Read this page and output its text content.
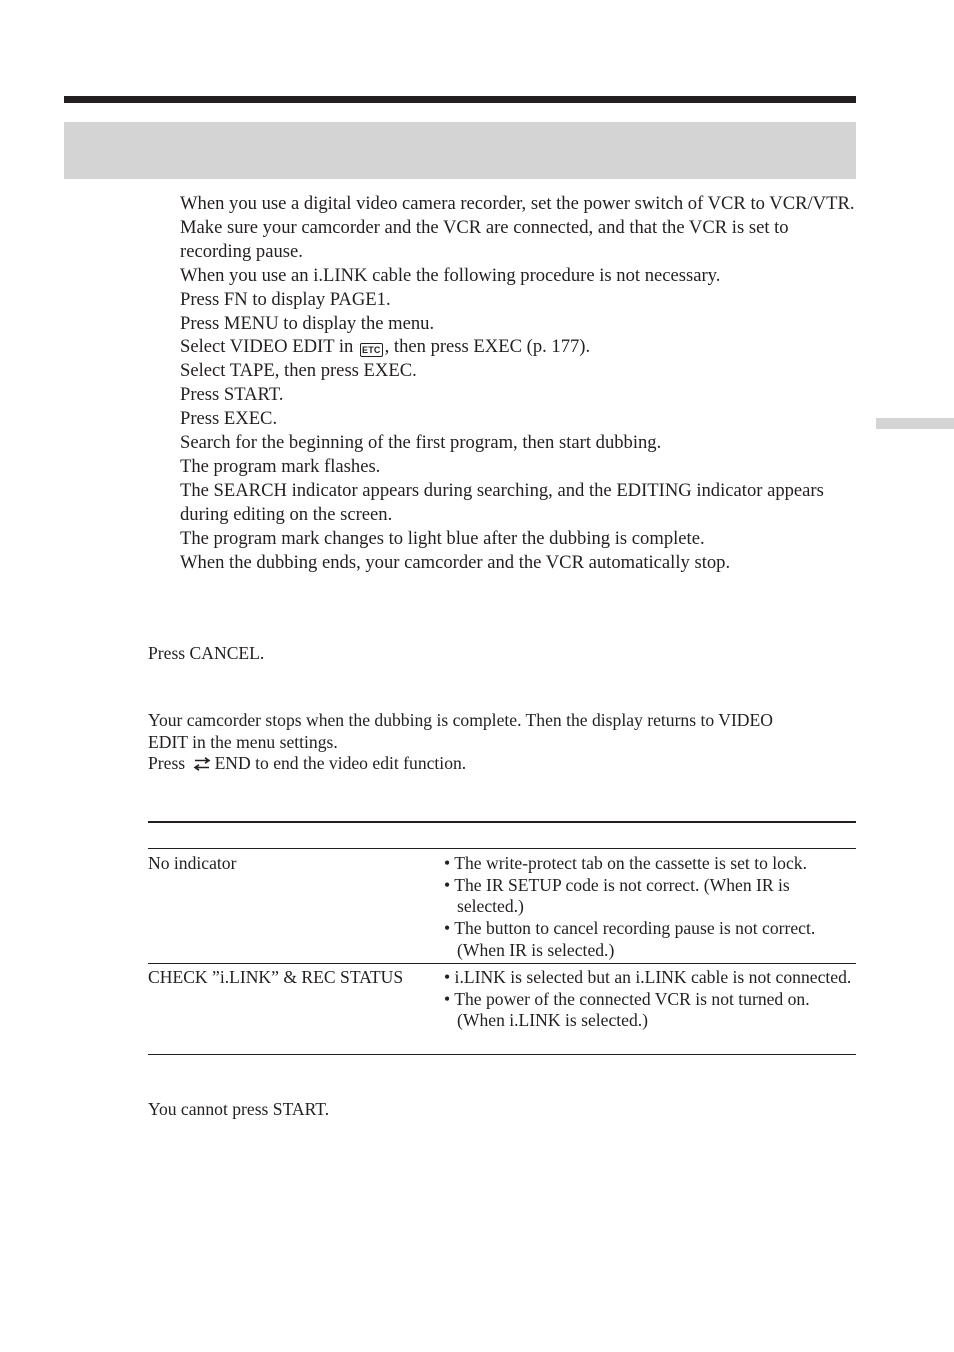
When you use a digital video camera recorder, set the power switch of VCR to VCR/VTR.
Make sure your camcorder and the VCR are connected, and that the VCR is set to recording pause.
When you use an i.LINK cable the following procedure is not necessary.
Press FN to display PAGE1.
Press MENU to display the menu.
Select VIDEO EDIT in ETC , then press EXEC (p. 177).
Select TAPE, then press EXEC.
Press START.
Press EXEC.
Search for the beginning of the first program, then start dubbing.
The program mark flashes.
The SEARCH indicator appears during searching, and the EDITING indicator appears during editing on the screen.
The program mark changes to light blue after the dubbing is complete.
When the dubbing ends, your camcorder and the VCR automatically stop.

Press CANCEL.

Your camcorder stops when the dubbing is complete. Then the display returns to VIDEO EDIT in the menu settings.
Press END to end the video edit function.

No indicator	• The write-protect tab on the cassette is set to lock.
• The IR SETUP code is not correct. (When IR is selected.)
• The button to cancel recording pause is not correct. (When IR is selected.)
CHECK ”i.LINK” & REC STATUS • i.LINK is selected but an i.LINK cable is not connected.
• The power of the connected VCR is not turned on. (When i.LINK is selected.)

You cannot press START.
